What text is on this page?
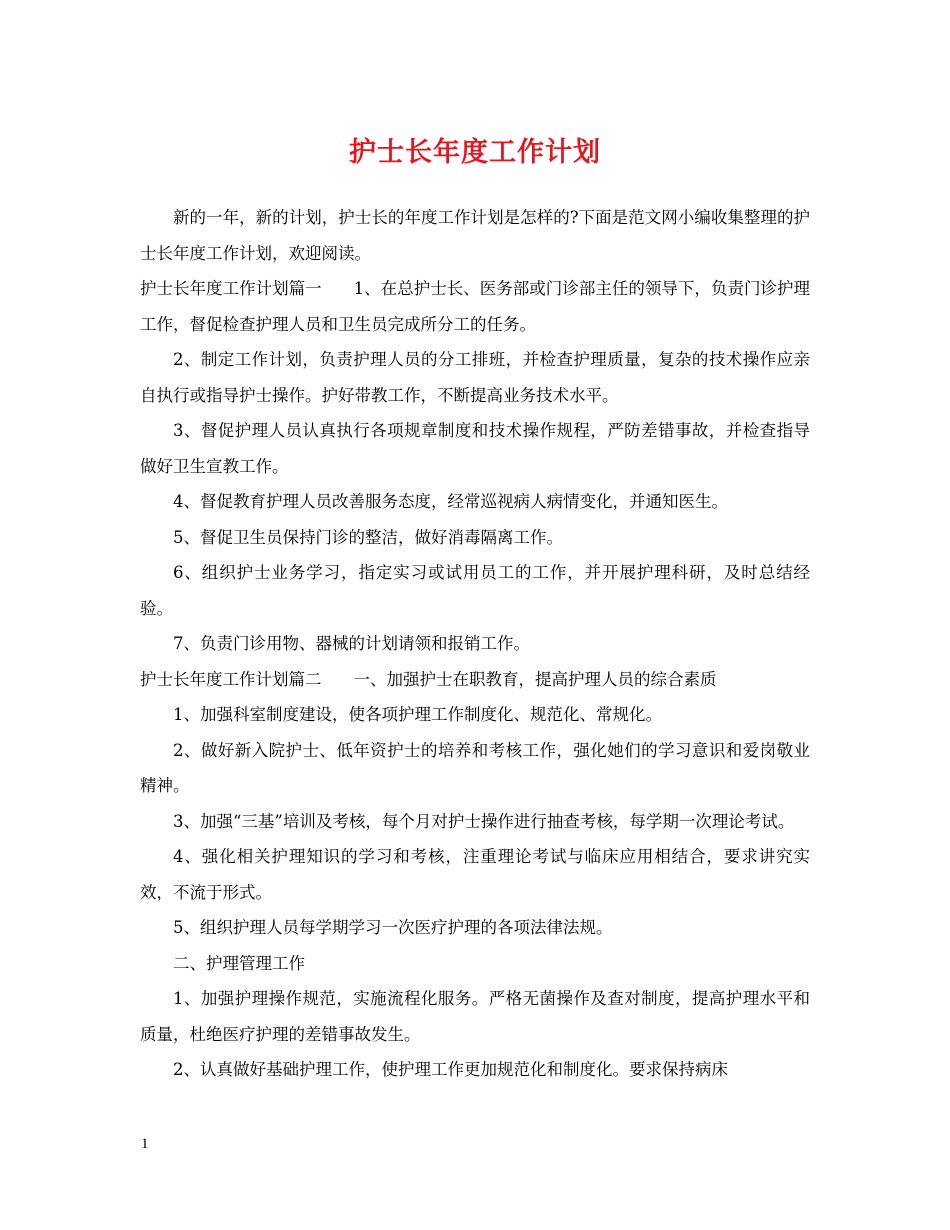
护士长年度工作计划

新的一年，新的计划，护士长的年度工作计划是怎样的?下面是范文网小编收集整理的护士长年度工作计划，欢迎阅读。

护士长年度工作计划篇一 1、在总护士长、医务部或门诊部主任的领导下，负责门诊护理工作，督促检查护理人员和卫生员完成所分工的任务。

2、制定工作计划，负责护理人员的分工排班，并检查护理质量，复杂的技术操作应亲自执行或指导护士操作。护好带教工作，不断提高业务技术水平。

3、督促护理人员认真执行各项规章制度和技术操作规程，严防差错事故，并检查指导做好卫生宣教工作。

4、督促教育护理人员改善服务态度，经常巡视病人病情变化，并通知医生。

5、督促卫生员保持门诊的整洁，做好消毒隔离工作。

6、组织护士业务学习，指定实习或试用员工的工作，并开展护理科研，及时总结经验。

7、负责门诊用物、器械的计划请领和报销工作。

护士长年度工作计划篇二 一、加强护士在职教育，提高护理人员的综合素质

1、加强科室制度建设，使各项护理工作制度化、规范化、常规化。

2、做好新入院护士、低年资护士的培养和考核工作，强化她们的学习意识和爱岗敬业精神。

3、加强“三基”培训及考核，每个月对护士操作进行抽查考核，每学期一次理论考试。

4、强化相关护理知识的学习和考核，注重理论考试与临床应用相结合，要求讲究实效，不流于形式。

5、组织护理人员每学期学习一次医疗护理的各项法律法规。

二、护理管理工作

1、加强护理操作规范，实施流程化服务。严格无菌操作及查对制度，提高护理水平和质量，杜绝医疗护理的差错事故发生。

2、认真做好基础护理工作，使护理工作更加规范化和制度化。要求保持病床

1
